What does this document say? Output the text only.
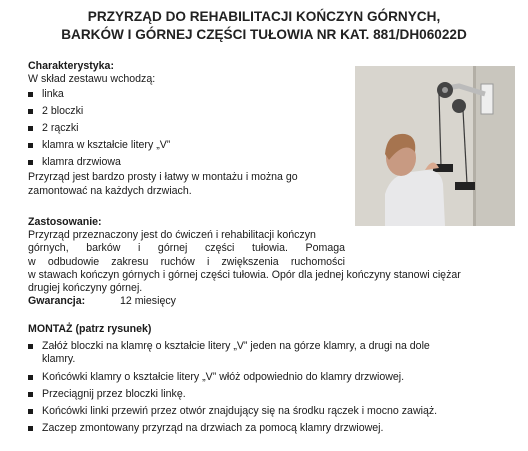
PRZYRZĄD DO REHABILITACJI KOŃCZYN GÓRNYCH,
BARKÓW I GÓRNEJ CZĘŚCI TUŁOWIA NR KAT. 881/DH06022D
Charakterystyka:
W skład zestawu wchodzą:
linka
2 bloczki
2 rączki
klamra w kształcie litery „V”
klamra drzwiowa
Przyrząd jest bardzo prosty i łatwy w montażu i można go
zamontować na każdych drzwiach.
Zastosowanie:
Przyrząd przeznaczony jest do ćwiczeń i rehabilitacji kończyn
górnych, barków i górnej części tułowia. Pomaga
w odbudowie zakresu ruchów i zwiększenia ruchomości
w stawach kończyn górnych i górnej części tułowia. Opór dla jednej kończyny stanowi ciężar
drugiej kończyny górnej.
Gwarancja:	12 miesięcy
MONTAŻ (patrz rysunek)
Załóż bloczki na klamrę o kształcie litery „V” jeden na górze klamry, a drugi na dole
klamry.
Końcówki klamry o kształcie litery „V” włóż odpowiednio do klamry drzwiowej.
Przeciągnij przez bloczki linkę.
Końcówki linki przewiń przez otwór znajdujący się na środku rączek i mocno zawiąż.
Zaczep zmontowany przyrząd na drzwiach za pomocą klamry drzwiowej.
